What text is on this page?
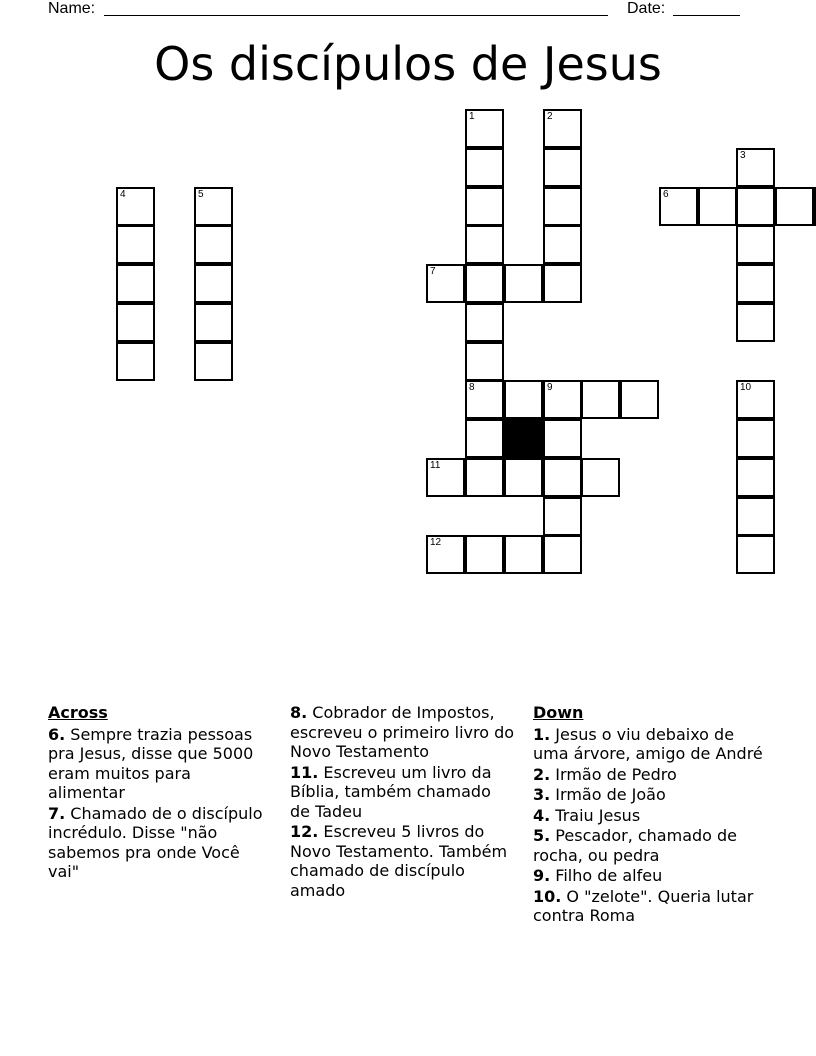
Name:	Date:
Os discípulos de Jesus
1	2
3
4	5	6
7
8	9	10
11
12
Across
6. Sempre trazia pessoas pra Jesus, disse que 5000 eram muitos para alimentar
7. Chamado de o discípulo incrédulo. Disse "não sabemos pra onde Você vai"
8. Cobrador de Impostos, escreveu o primeiro livro do Novo Testamento
11. Escreveu um livro da Bíblia, também chamado de Tadeu
12. Escreveu 5 livros do Novo Testamento. Também chamado de discípulo amado
Down
1. Jesus o viu debaixo de uma árvore, amigo de André
2. Irmão de Pedro
3. Irmão de João
4. Traiu Jesus
5. Pescador, chamado de rocha, ou pedra
9. Filho de alfeu
10. O "zelote". Queria lutar contra Roma
